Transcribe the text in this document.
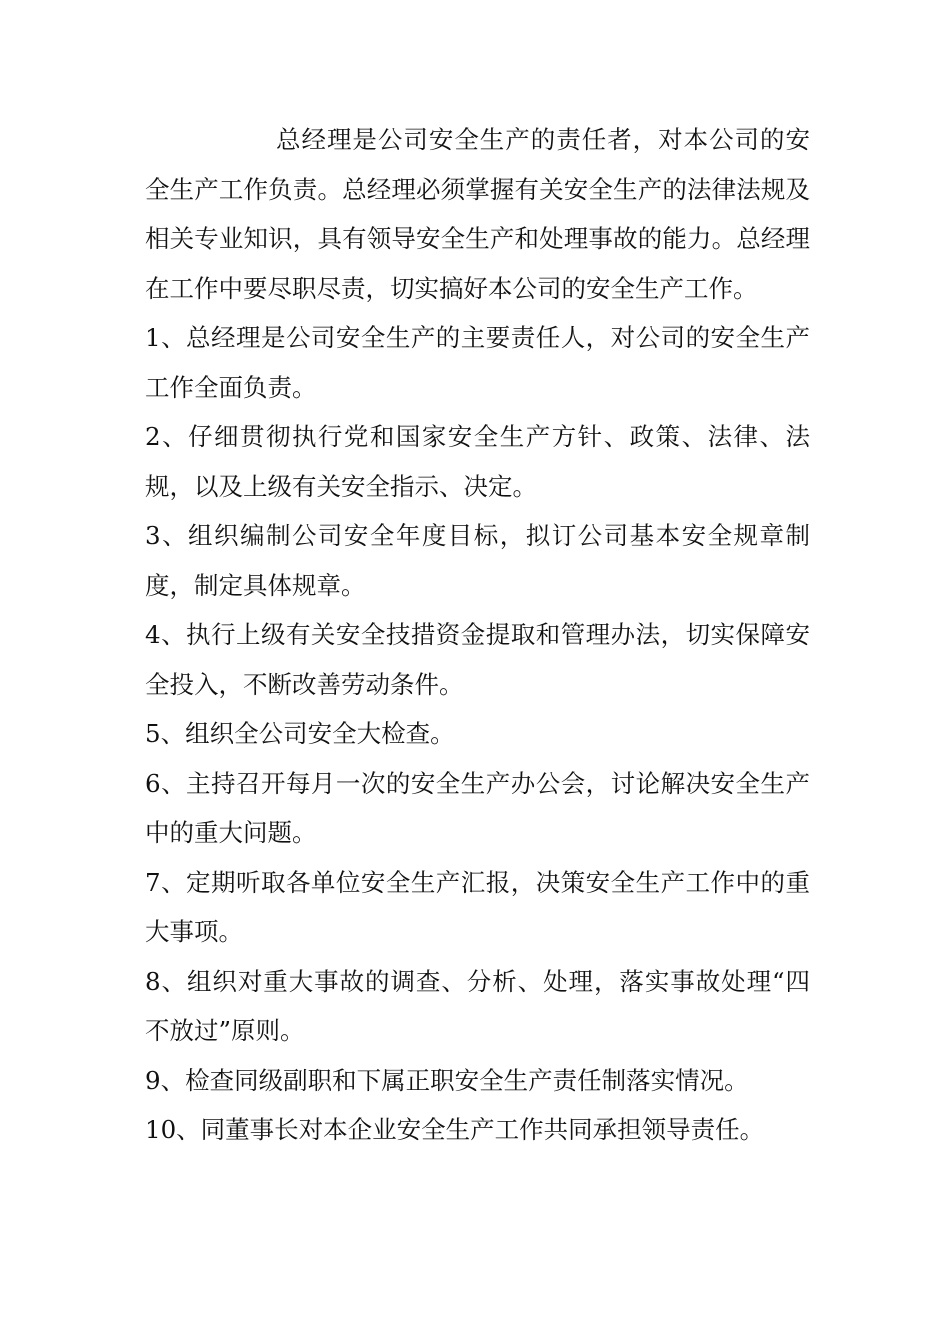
总经理是公司安全生产的责任者，对本公司的安全生产工作负责。总经理必须掌握有关安全生产的法律法规及相关专业知识，具有领导安全生产和处理事故的能力。总经理在工作中要尽职尽责，切实搞好本公司的安全生产工作。

1、总经理是公司安全生产的主要责任人，对公司的安全生产工作全面负责。

2、仔细贯彻执行党和国家安全生产方针、政策、法律、法规，以及上级有关安全指示、决定。

3、组织编制公司安全年度目标，拟订公司基本安全规章制度，制定具体规章。

4、执行上级有关安全技措资金提取和管理办法，切实保障安全投入，不断改善劳动条件。

5、组织全公司安全大检查。

6、主持召开每月一次的安全生产办公会，讨论解决安全生产中的重大问题。

7、定期听取各单位安全生产汇报，决策安全生产工作中的重大事项。

8、组织对重大事故的调查、分析、处理，落实事故处理“四不放过”原则。

9、检查同级副职和下属正职安全生产责任制落实情况。

10、同董事长对本企业安全生产工作共同承担领导责任。
